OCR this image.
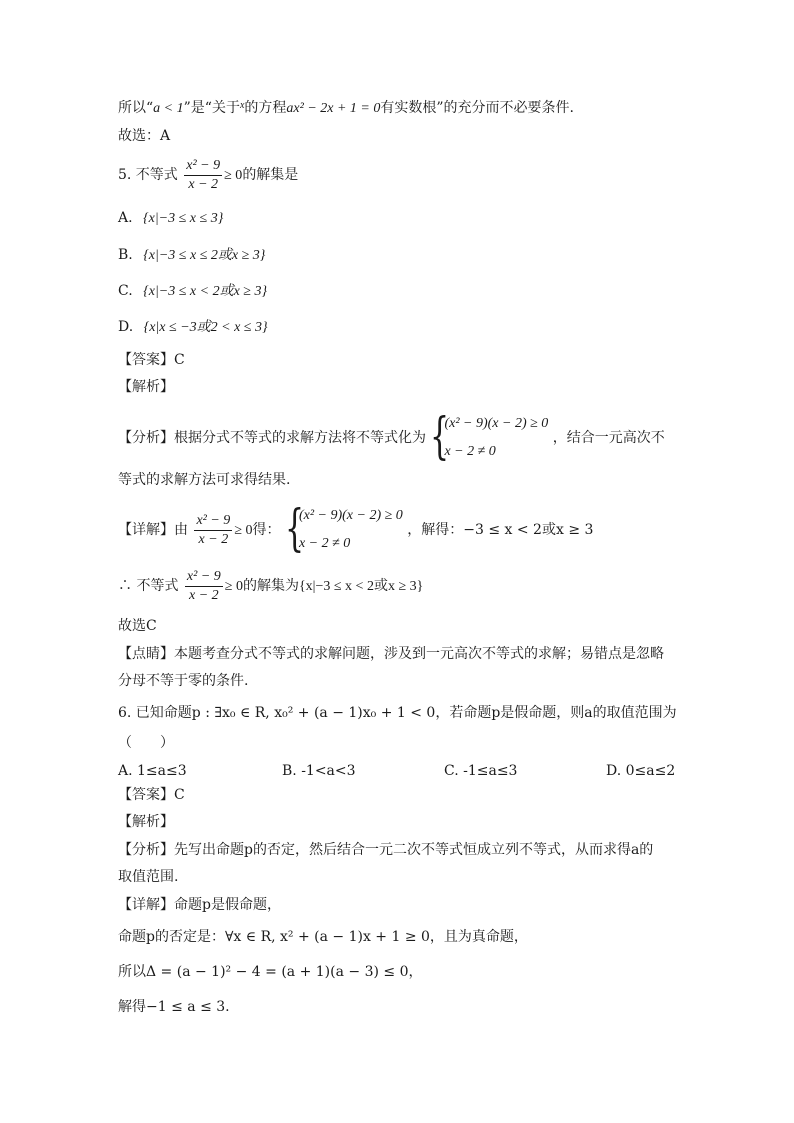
所以“a < 1”是“关于$^x$的方程ax² − 2x + 1 = 0有实数根”的充分而不必要条件.
故选：A
5. 不等式 $\frac{\text{x² − 9}}{x - 2} \ge 0$的解集是
A. {x|−3 ≤ x ≤ 3}
B. {x|−3 ≤ x ≤ 2或x ≥ 3}
C. {x|−3 ≤ x < 2或x ≥ 3}
D. {x|x ≤ −3或2 < x ≤ 3}
【答案】C
【解析】
【分析】根据分式不等式的求解方法将不等式化为 {
(x² − 9)(x − 2) ≥ 0
x − 2 ≠ 0
，结合一元高次不
等式的求解方法可求得结果.
【详解】由 $\frac{\text{x² − 9}}{x - 2} \ge 0$得： {
(x² − 9)(x − 2) ≥ 0
x − 2 ≠ 0
，解得：−3 ≤ x < 2或x ≥ 3
∴ 不等式 $\frac{\text{x² − 9}}{x - 2} \ge 0$的解集为{x|−3 ≤ x < 2或x ≥ 3}
故选C
【点睛】本题考查分式不等式的求解问题，涉及到一元高次不等式的求解；易错点是忽略
分母不等于零的条件.
6. 已知命题p : ∃x₀ ∈ R, x₀² + (a − 1)x₀ + 1 < 0，若命题p是假命题，则a的取值范围为
（　　）
A. 1≤a≤3	B. -1<a<3	C. -1≤a≤3	D. 0≤a≤2
【答案】C
【解析】
【分析】先写出命题p的否定，然后结合一元二次不等式恒成立列不等式，从而求得a的
取值范围.
【详解】命题p是假命题，
命题p的否定是：∀x ∈ R, x² + (a − 1)x + 1 ≥ 0，且为真命题，
所以Δ = (a − 1)² − 4 = (a + 1)(a − 3) ≤ 0，
解得−1 ≤ a ≤ 3.
